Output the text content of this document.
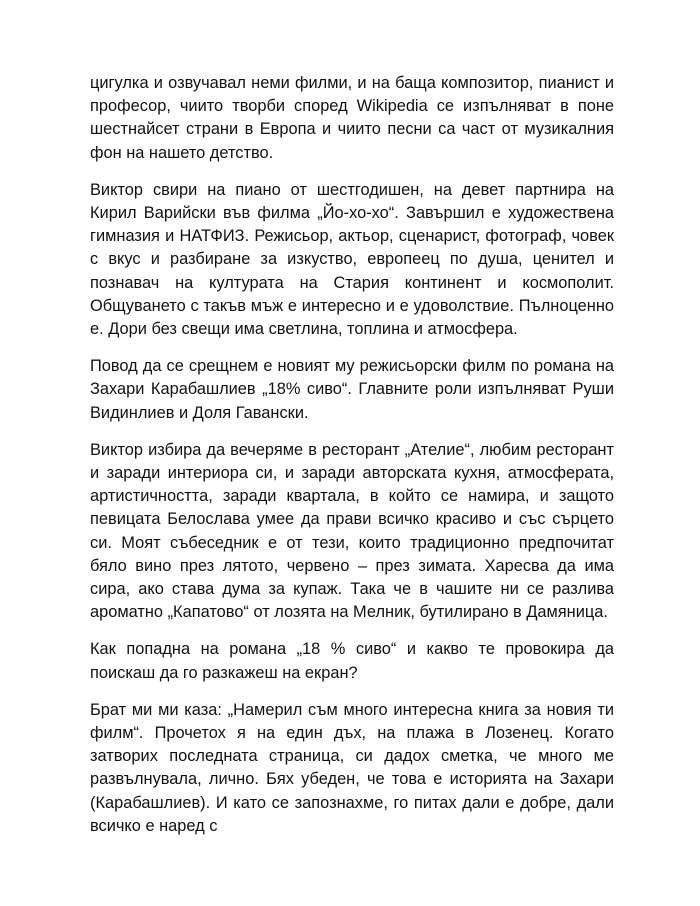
цигулка и озвучавал неми филми, и на баща композитор, пианист и професор, чиито творби според Wikipedia се изпълняват в поне шестнайсет страни в Европа и чиито песни са част от музикалния фон на нашето детство.

Виктор свири на пиано от шестгодишен, на девет партнира на Кирил Варийски във филма „Йо-хо-хо“. Завършил е художествена гимназия и НАТФИЗ. Режисьор, актьор, сценарист, фотограф, човек с вкус и разбиране за изкуство, европеец по душа, ценител и познавач на културата на Стария континент и космополит. Общуването с такъв мъж е интересно и е удоволствие. Пълноценно е. Дори без свещи има светлина, топлина и атмосфера.

Повод да се срещнем е новият му режисьорски филм по романа на Захари Карабашлиев „18% сиво“. Главните роли изпълняват Руши Видинлиев и Доля Гавански.

Виктор избира да вечеряме в ресторант „Ателие“, любим ресторант и заради интериора си, и заради авторската кухня, атмосферата, артистичността, заради квартала, в който се намира, и защото певицата Белослава умее да прави всичко красиво и със сърцето си. Моят събеседник е от тези, които традиционно предпочитат бяло вино през лятото, червено – през зимата. Харесва да има сира, ако става дума за купаж. Така че в чашите ни се разлива ароматно „Капатово“ от лозята на Мелник, бутилирано в Дамяница.

Как попадна на романа „18 % сиво“ и какво те провокира да поискаш да го разкажеш на екран?

Брат ми ми каза: „Намерил съм много интересна книга за новия ти филм“. Прочетох я на един дъх, на плажа в Лозенец. Когато затворих последната страница, си дадох сметка, че много ме развълнувала, лично. Бях убеден, че това е историята на Захари (Карабашлиев). И като се запознахме, го питах дали е добре, дали всичко е наред с
